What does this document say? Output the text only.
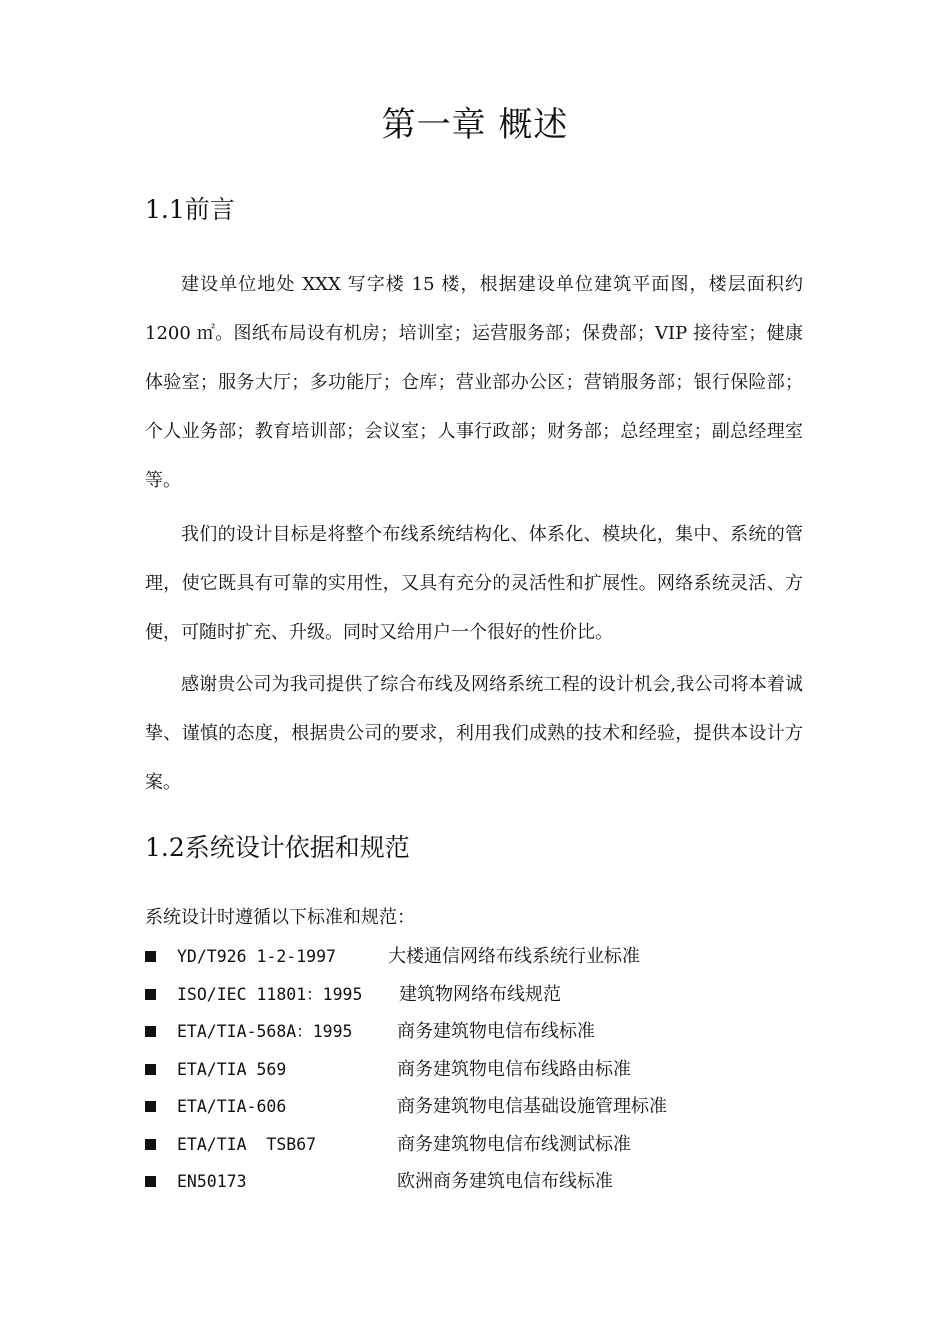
第一章 概述
1.1前言

建设单位地处 XXX 写字楼 15 楼，根据建设单位建筑平面图，楼层面积约 1200 ㎡。图纸布局设有机房；培训室；运营服务部；保费部；VIP 接待室；健康体验室；服务大厅；多功能厅；仓库；营业部办公区；营销服务部；银行保险部；个人业务部；教育培训部；会议室；人事行政部；财务部；总经理室；副总经理室等。

我们的设计目标是将整个布线系统结构化、体系化、模块化，集中、系统的管理，使它既具有可靠的实用性，又具有充分的灵活性和扩展性。网络系统灵活、方便，可随时扩充、升级。同时又给用户一个很好的性价比。

感谢贵公司为我司提供了综合布线及网络系统工程的设计机会,我公司将本着诚挚、谨慎的态度，根据贵公司的要求，利用我们成熟的技术和经验，提供本设计方案。

1.2系统设计依据和规范

系统设计时遵循以下标准和规范：

YD/T926 1-2-1997	大楼通信网络布线系统行业标准
ISO/IEC 11801：1995 建筑物网络布线规范
ETA/TIA-568A：1995 商务建筑物电信布线标准
ETA/TIA 569	商务建筑物电信布线路由标准
ETA/TIA-606	商务建筑物电信基础设施管理标准
ETA/TIA  TSB67	商务建筑物电信布线测试标准
EN50173	欧洲商务建筑电信布线标准
